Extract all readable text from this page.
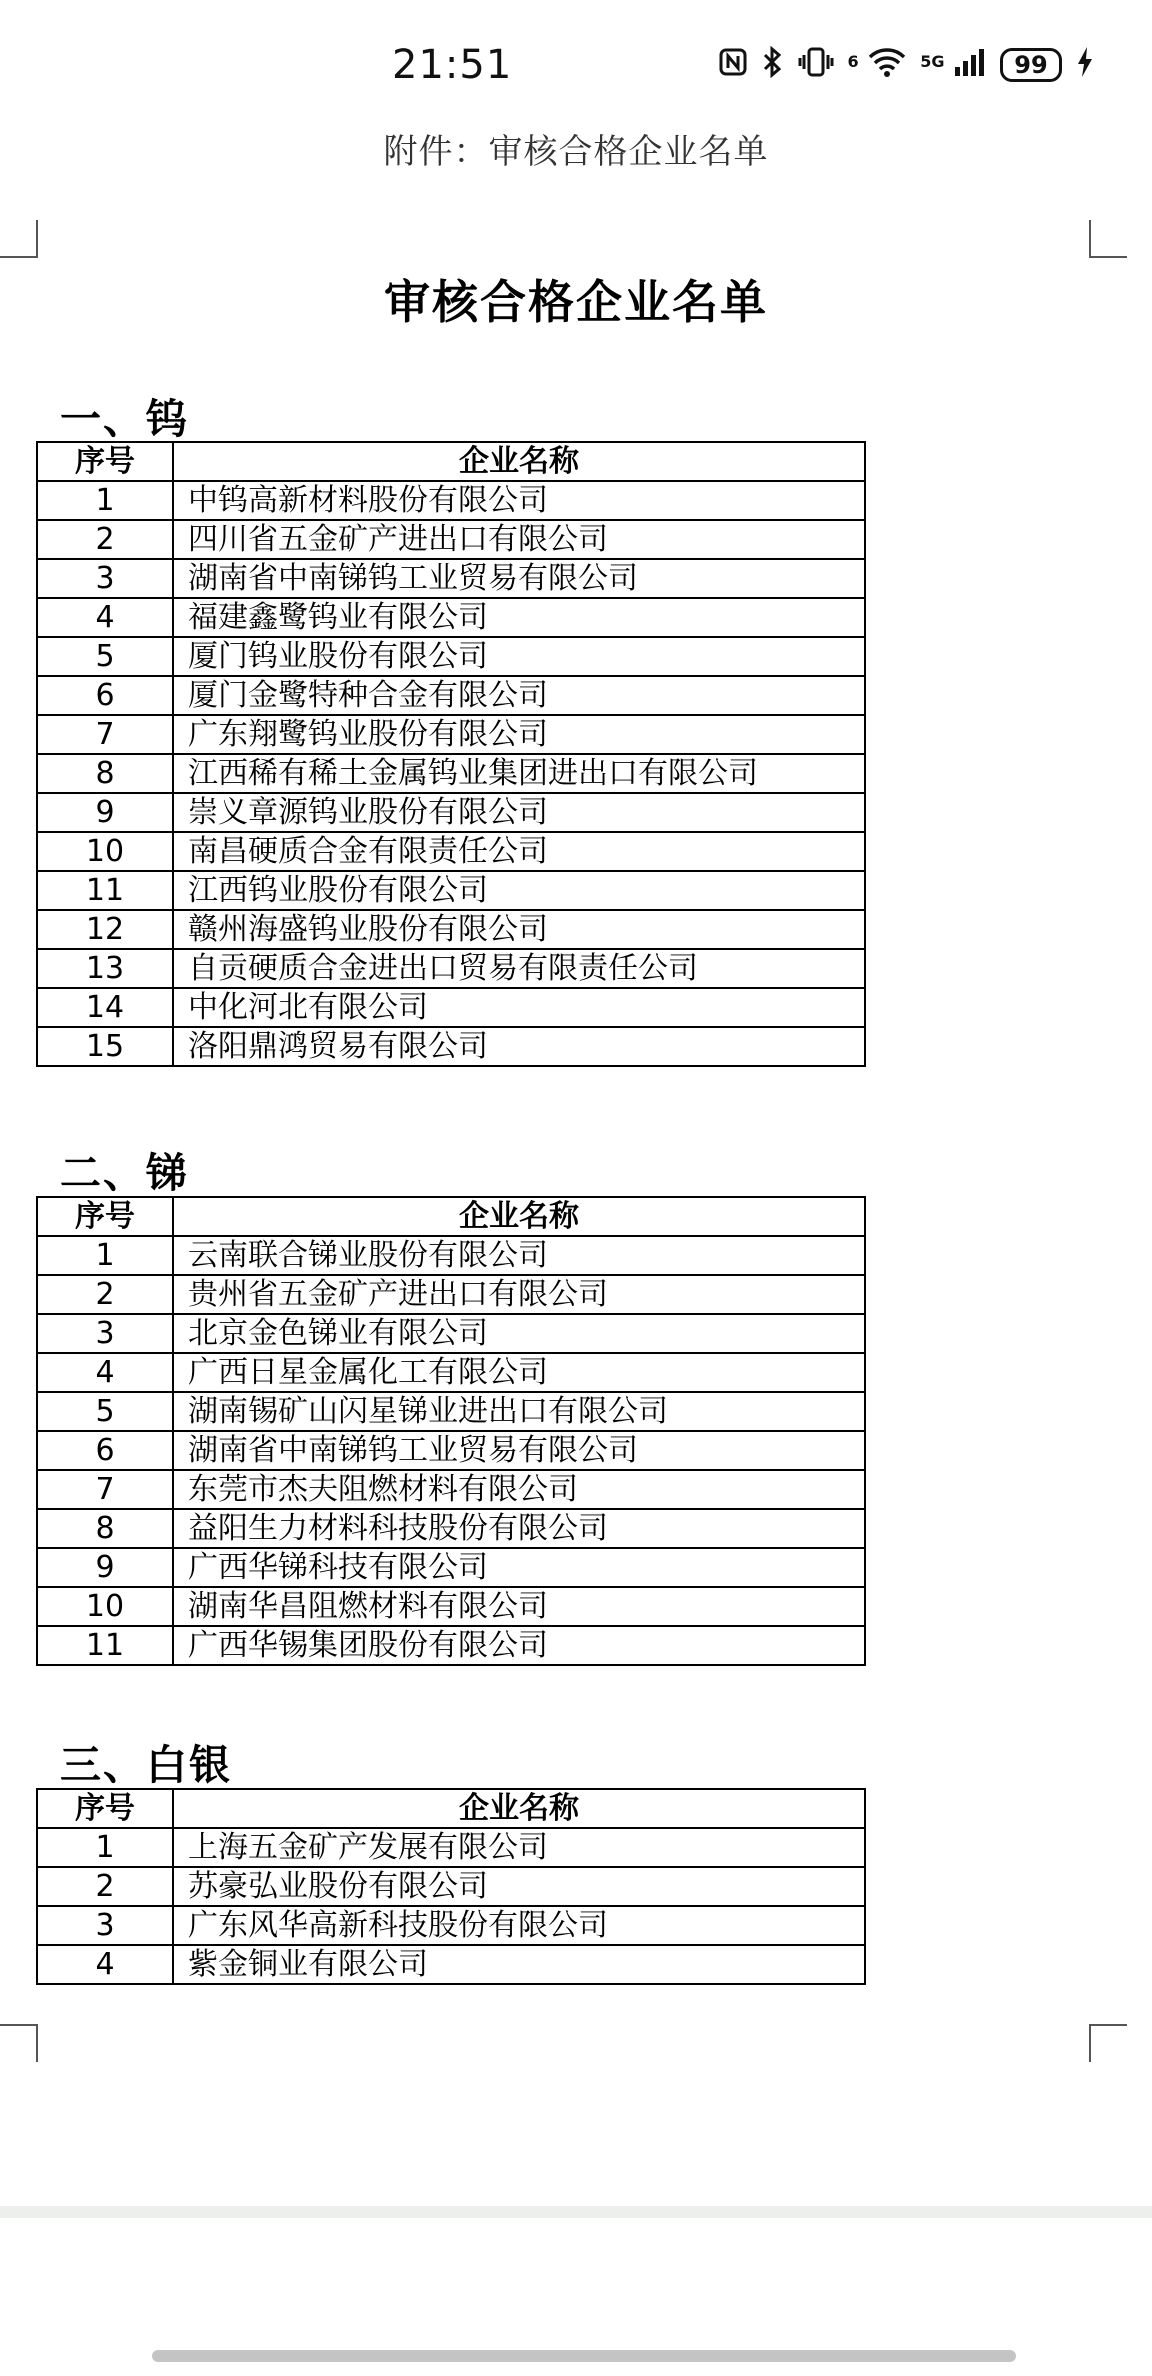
21:51	$^6$	$^{5G}$	99
附件：审核合格企业名单
审核合格企业名单
一、钨
序号	企业名称
1	中钨高新材料股份有限公司
2	四川省五金矿产进出口有限公司
3	湖南省中南锑钨工业贸易有限公司
4	福建鑫鹭钨业有限公司
5	厦门钨业股份有限公司
6	厦门金鹭特种合金有限公司
7	广东翔鹭钨业股份有限公司
8	江西稀有稀土金属钨业集团进出口有限公司
9	崇义章源钨业股份有限公司
10	南昌硬质合金有限责任公司
11	江西钨业股份有限公司
12	赣州海盛钨业股份有限公司
13	自贡硬质合金进出口贸易有限责任公司
14	中化河北有限公司
15	洛阳鼎鸿贸易有限公司
二、锑
序号	企业名称
1	云南联合锑业股份有限公司
2	贵州省五金矿产进出口有限公司
3	北京金色锑业有限公司
4	广西日星金属化工有限公司
5	湖南锡矿山闪星锑业进出口有限公司
6	湖南省中南锑钨工业贸易有限公司
7	东莞市杰夫阻燃材料有限公司
8	益阳生力材料科技股份有限公司
9	广西华锑科技有限公司
10	湖南华昌阻燃材料有限公司
11	广西华锡集团股份有限公司
三、白银
序号	企业名称
1	上海五金矿产发展有限公司
2	苏豪弘业股份有限公司
3	广东风华高新科技股份有限公司
4	紫金铜业有限公司
